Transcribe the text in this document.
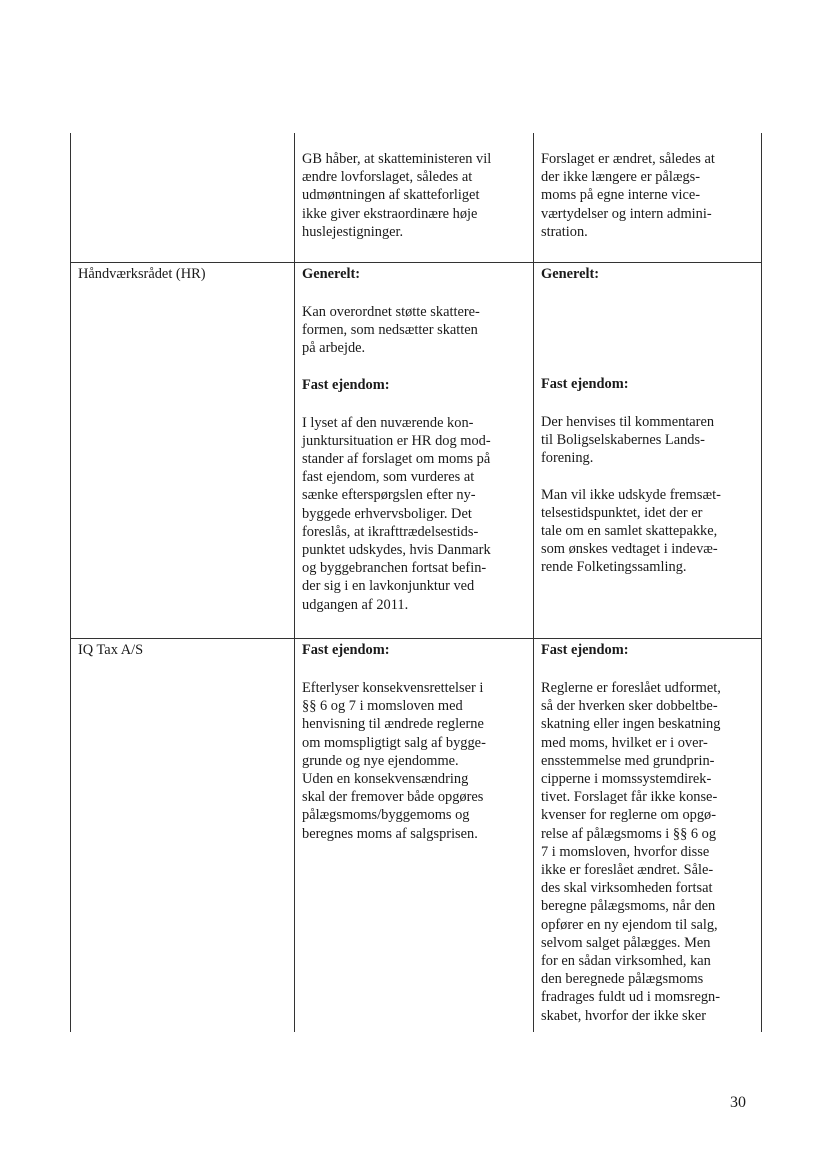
GB håber, at skatteministeren vil
ændre lovforslaget, således at
udmøntningen af skatteforliget
ikke giver ekstraordinære høje
huslejestigninger.

Forslaget er ændret, således at
der ikke længere er pålægs-
moms på egne interne vice-
værtydelser og intern admini-
stration.

Håndværksrådet (HR)	Generelt:

Kan overordnet støtte skattere-
formen, som nedsætter skatten
på arbejde.

Fast ejendom:

I lyset af den nuværende kon-
junktursituation er HR dog mod-
stander af forslaget om moms på
fast ejendom, som vurderes at
sænke efterspørgslen efter ny-
byggede erhvervsboliger. Det
foreslås, at ikrafttrædelsestids-
punktet udskydes, hvis Danmark
og byggebranchen fortsat befin-
der sig i en lavkonjunktur ved
udgangen af 2011.

Generelt:
Fast ejendom:

Der henvises til kommentaren
til Boligselskabernes Lands-
forening.

Man vil ikke udskyde fremsæt-
telsestidspunktet, idet der er
tale om en samlet skattepakke,
som ønskes vedtaget i indevæ-
rende Folketingssamling.

IQ Tax A/S	Fast ejendom:

Efterlyser konsekvensrettelser i
§§ 6 og 7 i momsloven med
henvisning til ændrede reglerne
om momspligtigt salg af bygge-
grunde og nye ejendomme.
Uden en konsekvensændring
skal der fremover både opgøres
pålægsmoms/byggemoms og
beregnes moms af salgsprisen.

Fast ejendom:

Reglerne er foreslået udformet,
så der hverken sker dobbeltbe-
skatning eller ingen beskatning
med moms, hvilket er i over-
ensstemmelse med grundprin-
cipperne i momssystemdirek-
tivet. Forslaget får ikke konse-
kvenser for reglerne om opgø-
relse af pålægsmoms i §§ 6 og
7 i momsloven, hvorfor disse
ikke er foreslået ændret. Såle-
des skal virksomheden fortsat
beregne pålægsmoms, når den
opfører en ny ejendom til salg,
selvom salget pålægges. Men
for en sådan virksomhed, kan
den beregnede pålægsmoms
fradrages fuldt ud i momsregn-
skabet, hvorfor der ikke sker

30
